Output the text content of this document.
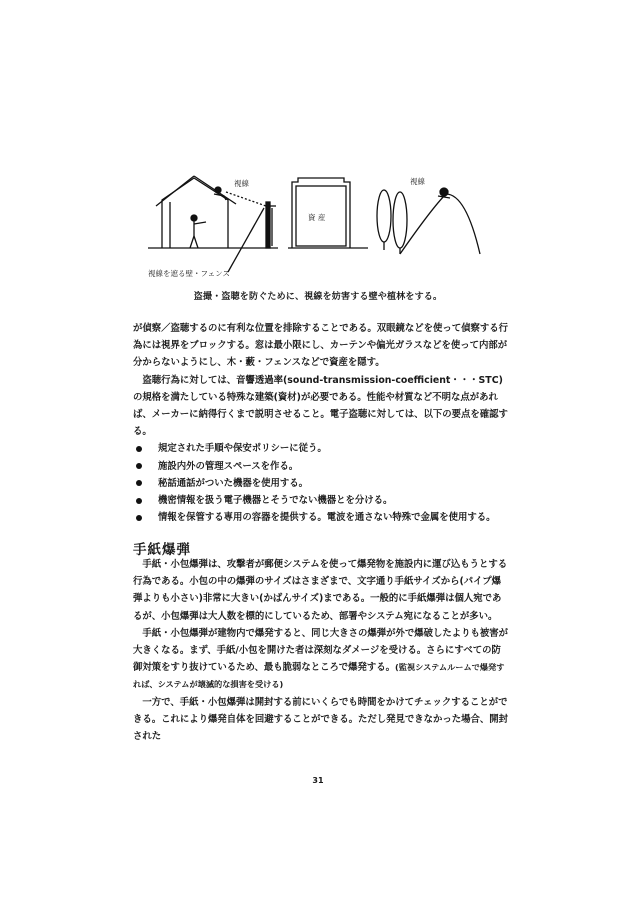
視線	視線
資 産
視線を遮る壁・フェンス
盗撮・盗聴を防ぐために、視線を妨害する壁や植林をする。

が偵察／盗聴するのに有利な位置を排除することである。双眼鏡などを使って偵察する行為には視界をブロックする。窓は最小限にし、カーテンや偏光ガラスなどを使って内部が分からないようにし、木・藪・フェンスなどで資産を隠す。

盗聴行為に対しては、音響透過率(sound-transmission-coefficient・・・STC)の規格を満たしている特殊な建築(資材)が必要である。性能や材質など不明な点があれば、メーカーに納得行くまで説明させること。電子盗聴に対しては、以下の要点を確認する。

規定された手順や保安ポリシーに従う。
施設内外の管理スペースを作る。
秘話通話がついた機器を使用する。
機密情報を扱う電子機器とそうでない機器とを分ける。
情報を保管する専用の容器を提供する。電波を通さない特殊で金属を使用する。
手紙爆弾

手紙・小包爆弾は、攻撃者が郵便システムを使って爆発物を施設内に運び込もうとする行為である。小包の中の爆弾のサイズはさまざまで、文字通り手紙サイズから(パイプ爆弾よりも小さい)非常に大きい(かばんサイズ)まである。一般的に手紙爆弾は個人宛であるが、小包爆弾は大人数を標的にしているため、部署やシステム宛になることが多い。

手紙・小包爆弾が建物内で爆発すると、同じ大きさの爆弾が外で爆破したよりも被害が大きくなる。まず、手紙/小包を開けた者は深刻なダメージを受ける。さらにすべての防御対策をすり抜けているため、最も脆弱なところで爆発する。(監視システムルームで爆発すれば、システムが壊滅的な損害を受ける)

一方で、手紙・小包爆弾は開封する前にいくらでも時間をかけてチェックすることができる。これにより爆発自体を回避することができる。ただし発見できなかった場合、開封された

31
